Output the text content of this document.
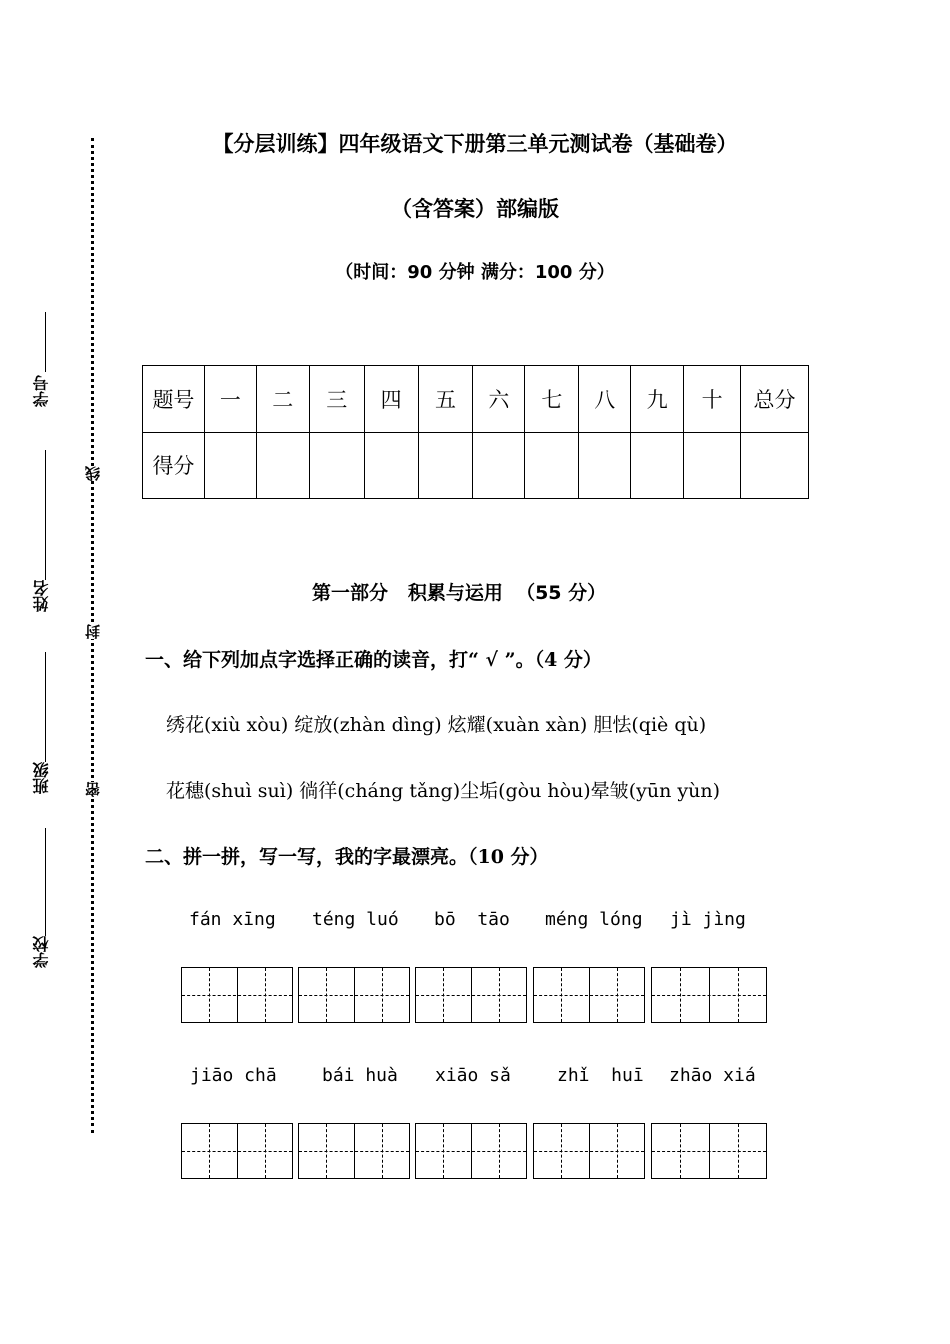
学号
姓名
班级
学校
线
封
密
【分层训练】四年级语文下册第三单元测试卷（基础卷）
（含答案）部编版
（时间：90 分钟 满分：100 分）
题号	一	二	三	四	五	六	七	八	九	十	总分
得分											
第一部分   积累与运用  （55 分）
一、给下列加点字选择正确的读音，打“ √ ”。（4 分）
绣花(xiù xòu) 绽放(zhàn dìng) 炫耀(xuàn xàn) 胆怯(qiè qù)
花穗(shuì suì) 徜徉(cháng tǎng)尘垢(gòu hòu)晕皱(yūn yùn)
二、拼一拼，写一写，我的字最漂亮。（10 分）
fán xīng téng luó bō  tāo méng lóng jì jìng
jiāo chā	bái huà xiāo sǎ	zhǐ  huī zhāo xiá
